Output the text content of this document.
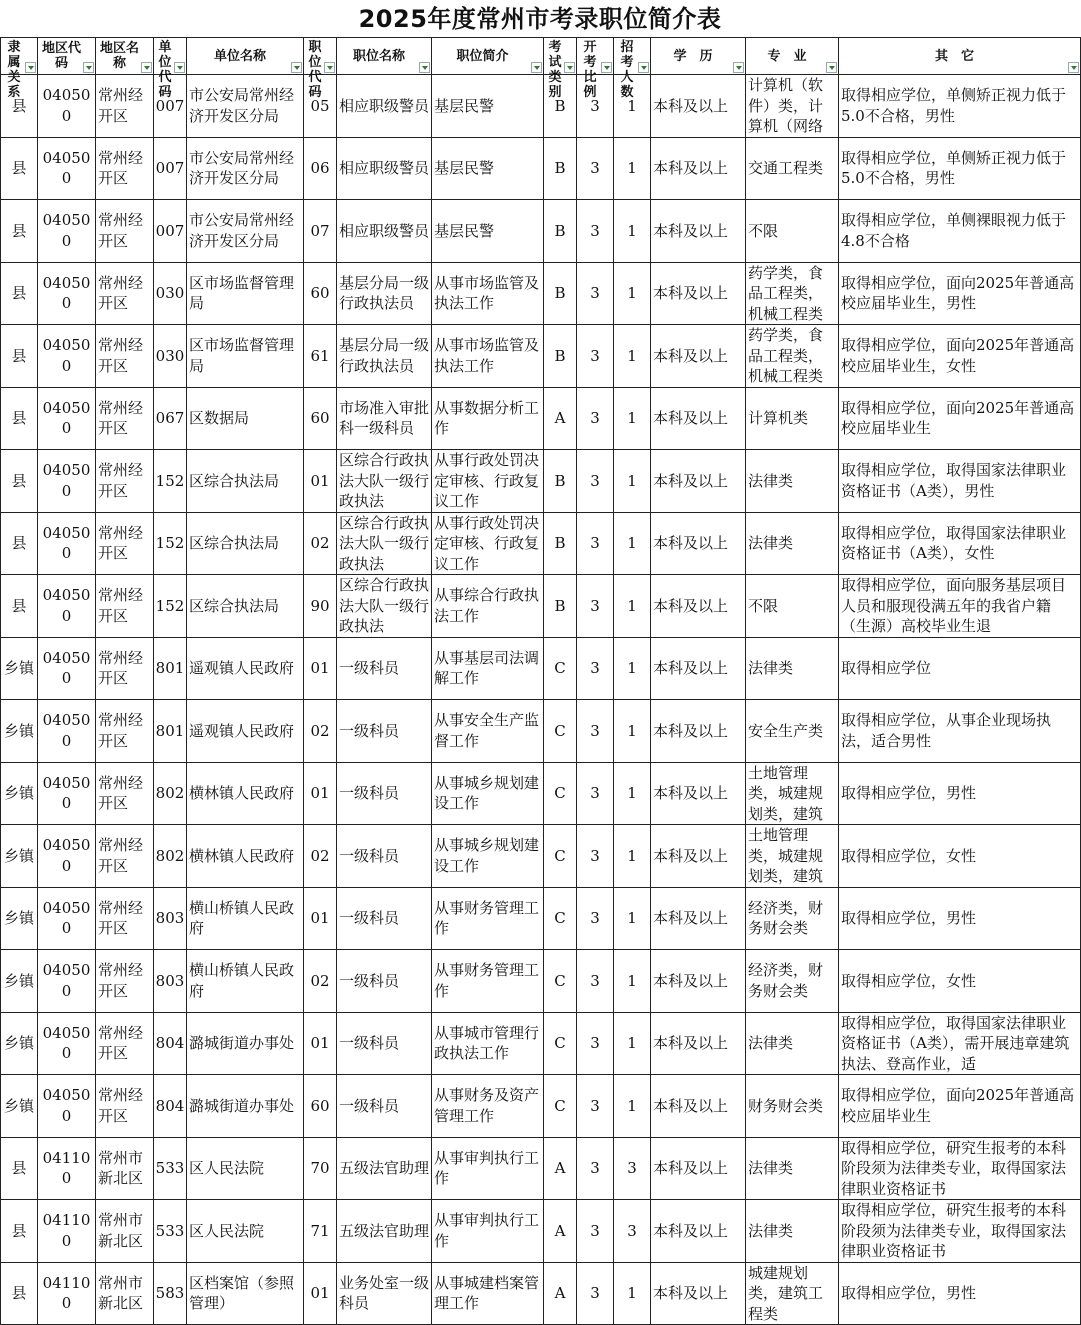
2025年度常州市考录职位简介表
隶属关系	地区代码	地区名称	单位代码	单位名称	职位代码	职位名称	职位简介	考试类别	开考比例	招考人数	学　历	专　业	其　它

县	040500	常州经开区	007	市公安局常州经济开发区分局	05	相应职级警员	基层民警	B	3	1	本科及以上	计算机（软件）类，计算机（网络	取得相应学位，单侧矫正视力低于5.0不合格，男性

县	040500	常州经开区	007	市公安局常州经济开发区分局	06	相应职级警员	基层民警	B	3	1	本科及以上	交通工程类	取得相应学位，单侧矫正视力低于5.0不合格，男性

县	040500	常州经开区	007	市公安局常州经济开发区分局	07	相应职级警员	基层民警	B	3	1	本科及以上	不限	取得相应学位，单侧裸眼视力低于4.8不合格

县	040500	常州经开区	030	区市场监督管理局	60	基层分局一级行政执法员	从事市场监管及执法工作	B	3	1	本科及以上	药学类，食品工程类，机械工程类	取得相应学位，面向2025年普通高校应届毕业生，男性

县	040500	常州经开区	030	区市场监督管理局	61	基层分局一级行政执法员	从事市场监管及执法工作	B	3	1	本科及以上	药学类，食品工程类，机械工程类	取得相应学位，面向2025年普通高校应届毕业生，女性

县	040500	常州经开区	067	区数据局	60	市场准入审批科一级科员	从事数据分析工作	A	3	1	本科及以上	计算机类	取得相应学位，面向2025年普通高校应届毕业生

县	040500	常州经开区	152	区综合执法局	01	区综合行政执法大队一级行政执法	从事行政处罚决定审核、行政复议工作	B	3	1	本科及以上	法律类	取得相应学位，取得国家法律职业资格证书（A类），男性

县	040500	常州经开区	152	区综合执法局	02	区综合行政执法大队一级行政执法	从事行政处罚决定审核、行政复议工作	B	3	1	本科及以上	法律类	取得相应学位，取得国家法律职业资格证书（A类），女性

县	040500	常州经开区	152	区综合执法局	90	区综合行政执法大队一级行政执法	从事综合行政执法工作	B	3	1	本科及以上	不限	取得相应学位，面向服务基层项目人员和服现役满五年的我省户籍（生源）高校毕业生退

乡镇	040500	常州经开区	801	遥观镇人民政府	01	一级科员	从事基层司法调解工作	C	3	1	本科及以上	法律类	取得相应学位

乡镇	040500	常州经开区	801	遥观镇人民政府	02	一级科员	从事安全生产监督工作	C	3	1	本科及以上	安全生产类	取得相应学位，从事企业现场执法，适合男性

乡镇	040500	常州经开区	802	横林镇人民政府	01	一级科员	从事城乡规划建设工作	C	3	1	本科及以上	土地管理类，城建规划类，建筑	取得相应学位，男性

乡镇	040500	常州经开区	802	横林镇人民政府	02	一级科员	从事城乡规划建设工作	C	3	1	本科及以上	土地管理类，城建规划类，建筑	取得相应学位，女性

乡镇	040500	常州经开区	803	横山桥镇人民政府	01	一级科员	从事财务管理工作	C	3	1	本科及以上	经济类，财务财会类	取得相应学位，男性

乡镇	040500	常州经开区	803	横山桥镇人民政府	02	一级科员	从事财务管理工作	C	3	1	本科及以上	经济类，财务财会类	取得相应学位，女性

乡镇	040500	常州经开区	804	潞城街道办事处	01	一级科员	从事城市管理行政执法工作	C	3	1	本科及以上	法律类	取得相应学位，取得国家法律职业资格证书（A类），需开展违章建筑执法、登高作业，适

乡镇	040500	常州经开区	804	潞城街道办事处	60	一级科员	从事财务及资产管理工作	C	3	1	本科及以上	财务财会类	取得相应学位，面向2025年普通高校应届毕业生

县	041100	常州市新北区	533	区人民法院	70	五级法官助理	从事审判执行工作	A	3	3	本科及以上	法律类	取得相应学位，研究生报考的本科阶段须为法律类专业，取得国家法律职业资格证书

县	041100	常州市新北区	533	区人民法院	71	五级法官助理	从事审判执行工作	A	3	3	本科及以上	法律类	取得相应学位，研究生报考的本科阶段须为法律类专业，取得国家法律职业资格证书

县	041100	常州市新北区	583	区档案馆（参照管理）	01	业务处室一级科员	从事城建档案管理工作	A	3	1	本科及以上	城建规划类，建筑工程类	取得相应学位，男性
